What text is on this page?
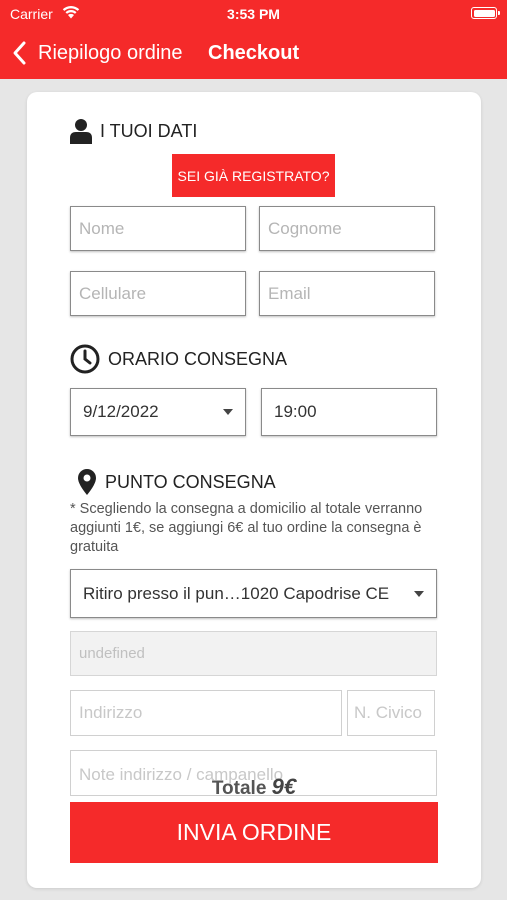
Carrier	3:53 PM
Riepilogo ordine Checkout
I TUOI DATI
SEI GIÀ REGISTRATO?
Nome	Cognome
Cellulare	Email
ORARIO CONSEGNA
9/12/2022	19:00
PUNTO CONSEGNA
* Scegliendo la consegna a domicilio al totale verranno aggiunti 1€, se aggiungi 6€ al tuo ordine la consegna è gratuita
Ritiro presso il pun…1020 Capodrise CE
undefined
Indirizzo	N. Civico
Note indirizzo / campanello
Totale 9€
INVIA ORDINE
